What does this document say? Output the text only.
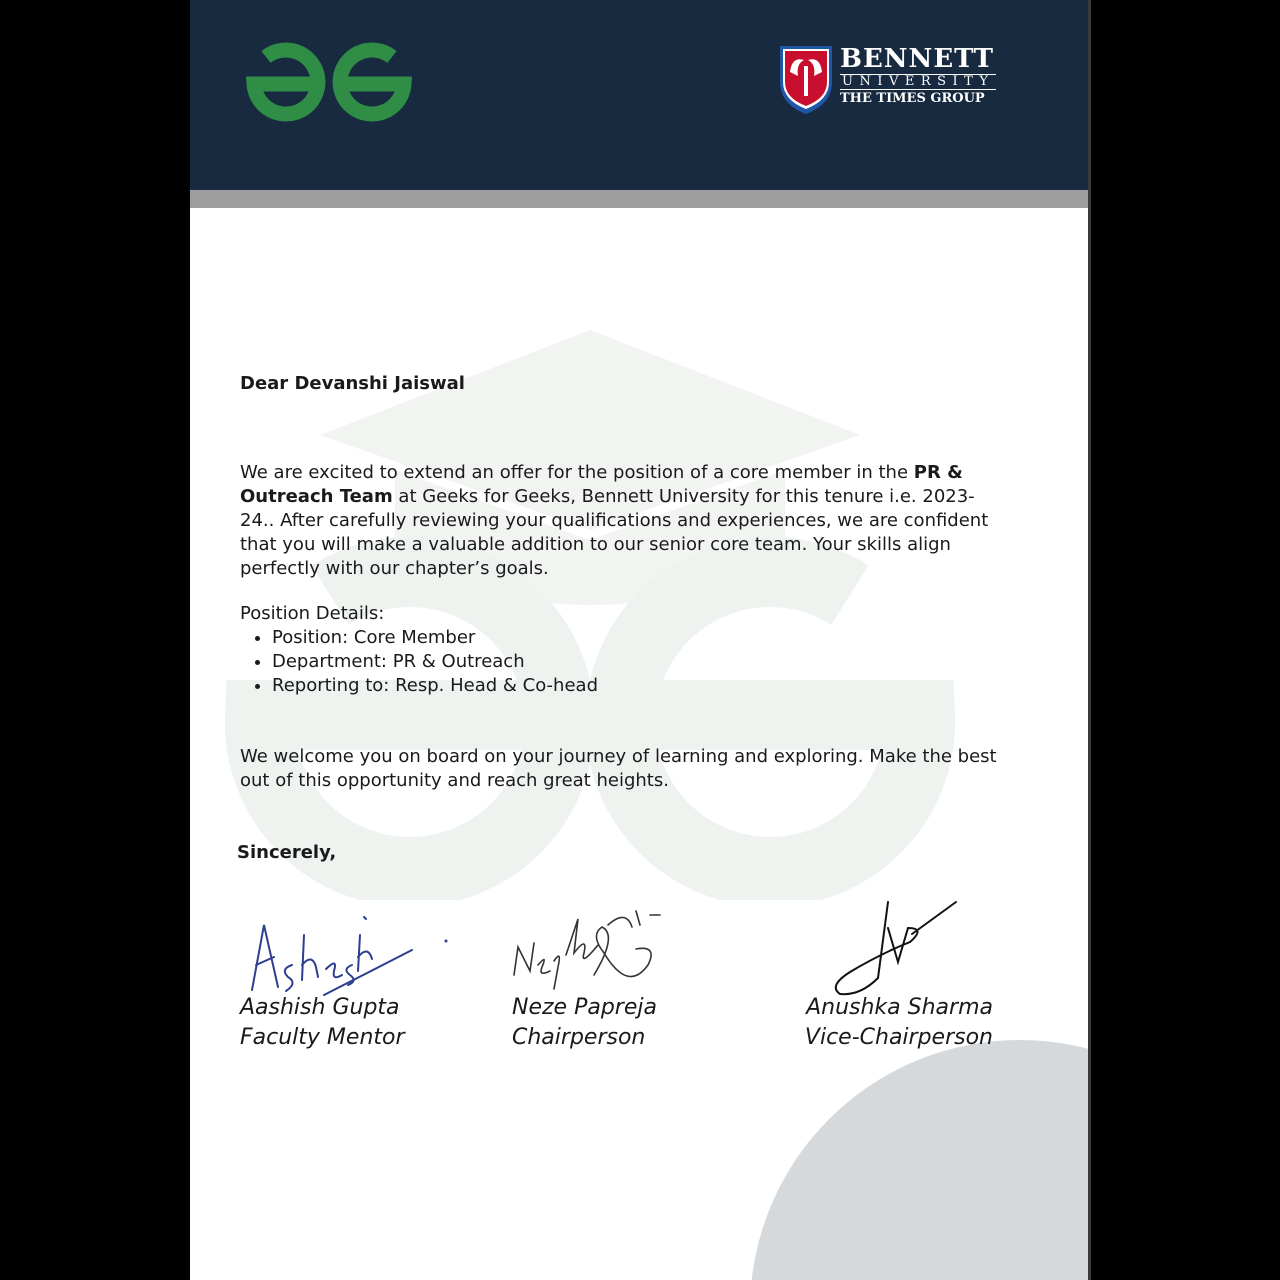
BENNETT
UNIVERSITY
THE TIMES GROUP
Dear Devanshi Jaiswal
We are excited to extend an offer for the position of a core member in the PR & Outreach Team at Geeks for Geeks, Bennett University for this tenure i.e. 2023-24.. After carefully reviewing your qualifications and experiences, we are confident that you will make a valuable addition to our senior core team. Your skills align perfectly with our chapter’s goals.
Position Details:
• Position: Core Member
• Department: PR & Outreach
• Reporting to: Resp. Head & Co-head
We welcome you on board on your journey of learning and exploring. Make the best out of this opportunity and reach great heights.
Sincerely,
Aashish Gupta
Faculty Mentor
Neze Papreja
Chairperson
Anushka Sharma
Vice-Chairperson
